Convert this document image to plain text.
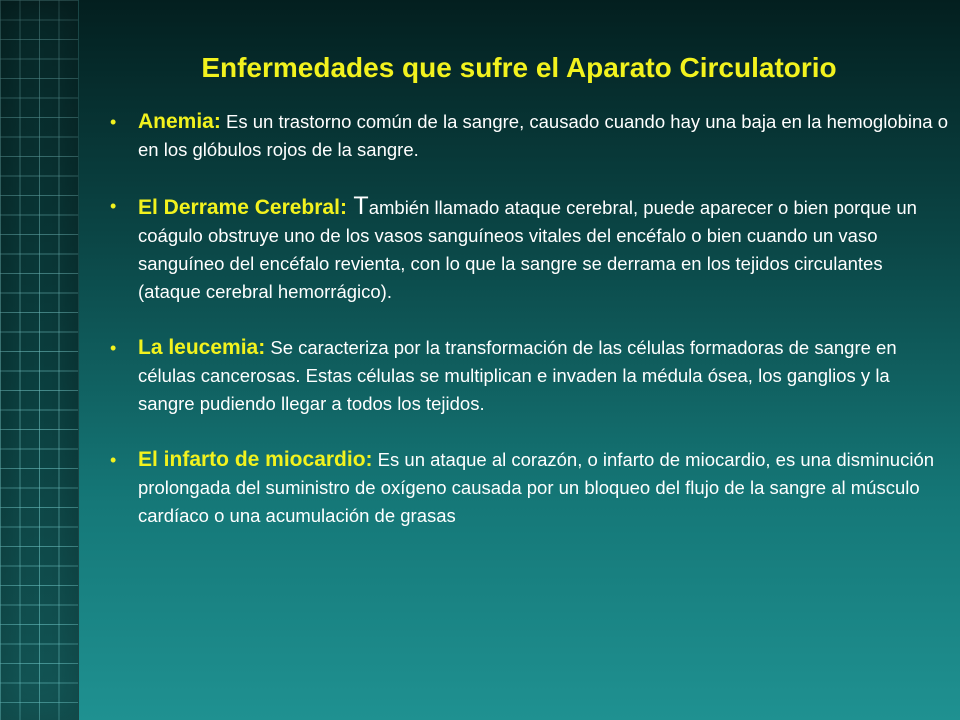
Enfermedades que sufre el Aparato Circulatorio
• Anemia: Es un trastorno común de la sangre, causado cuando hay una baja en la hemoglobina o en los glóbulos rojos de la sangre.
• El Derrame Cerebral: También llamado ataque cerebral, puede aparecer o bien porque un coágulo obstruye uno de los vasos sanguíneos vitales del encéfalo o bien cuando un vaso sanguíneo del encéfalo revienta, con lo que la sangre se derrama en los tejidos circulantes (ataque cerebral hemorrágico).
• La leucemia: Se caracteriza por la transformación de las células formadoras de sangre en células cancerosas. Estas células se multiplican e invaden la médula ósea, los ganglios y la sangre pudiendo llegar a todos los tejidos.
• El infarto de miocardio: Es un ataque al corazón, o infarto de miocardio, es una disminución prolongada del suministro de oxígeno causada por un bloqueo del flujo de la sangre al músculo cardíaco o una acumulación de grasas
